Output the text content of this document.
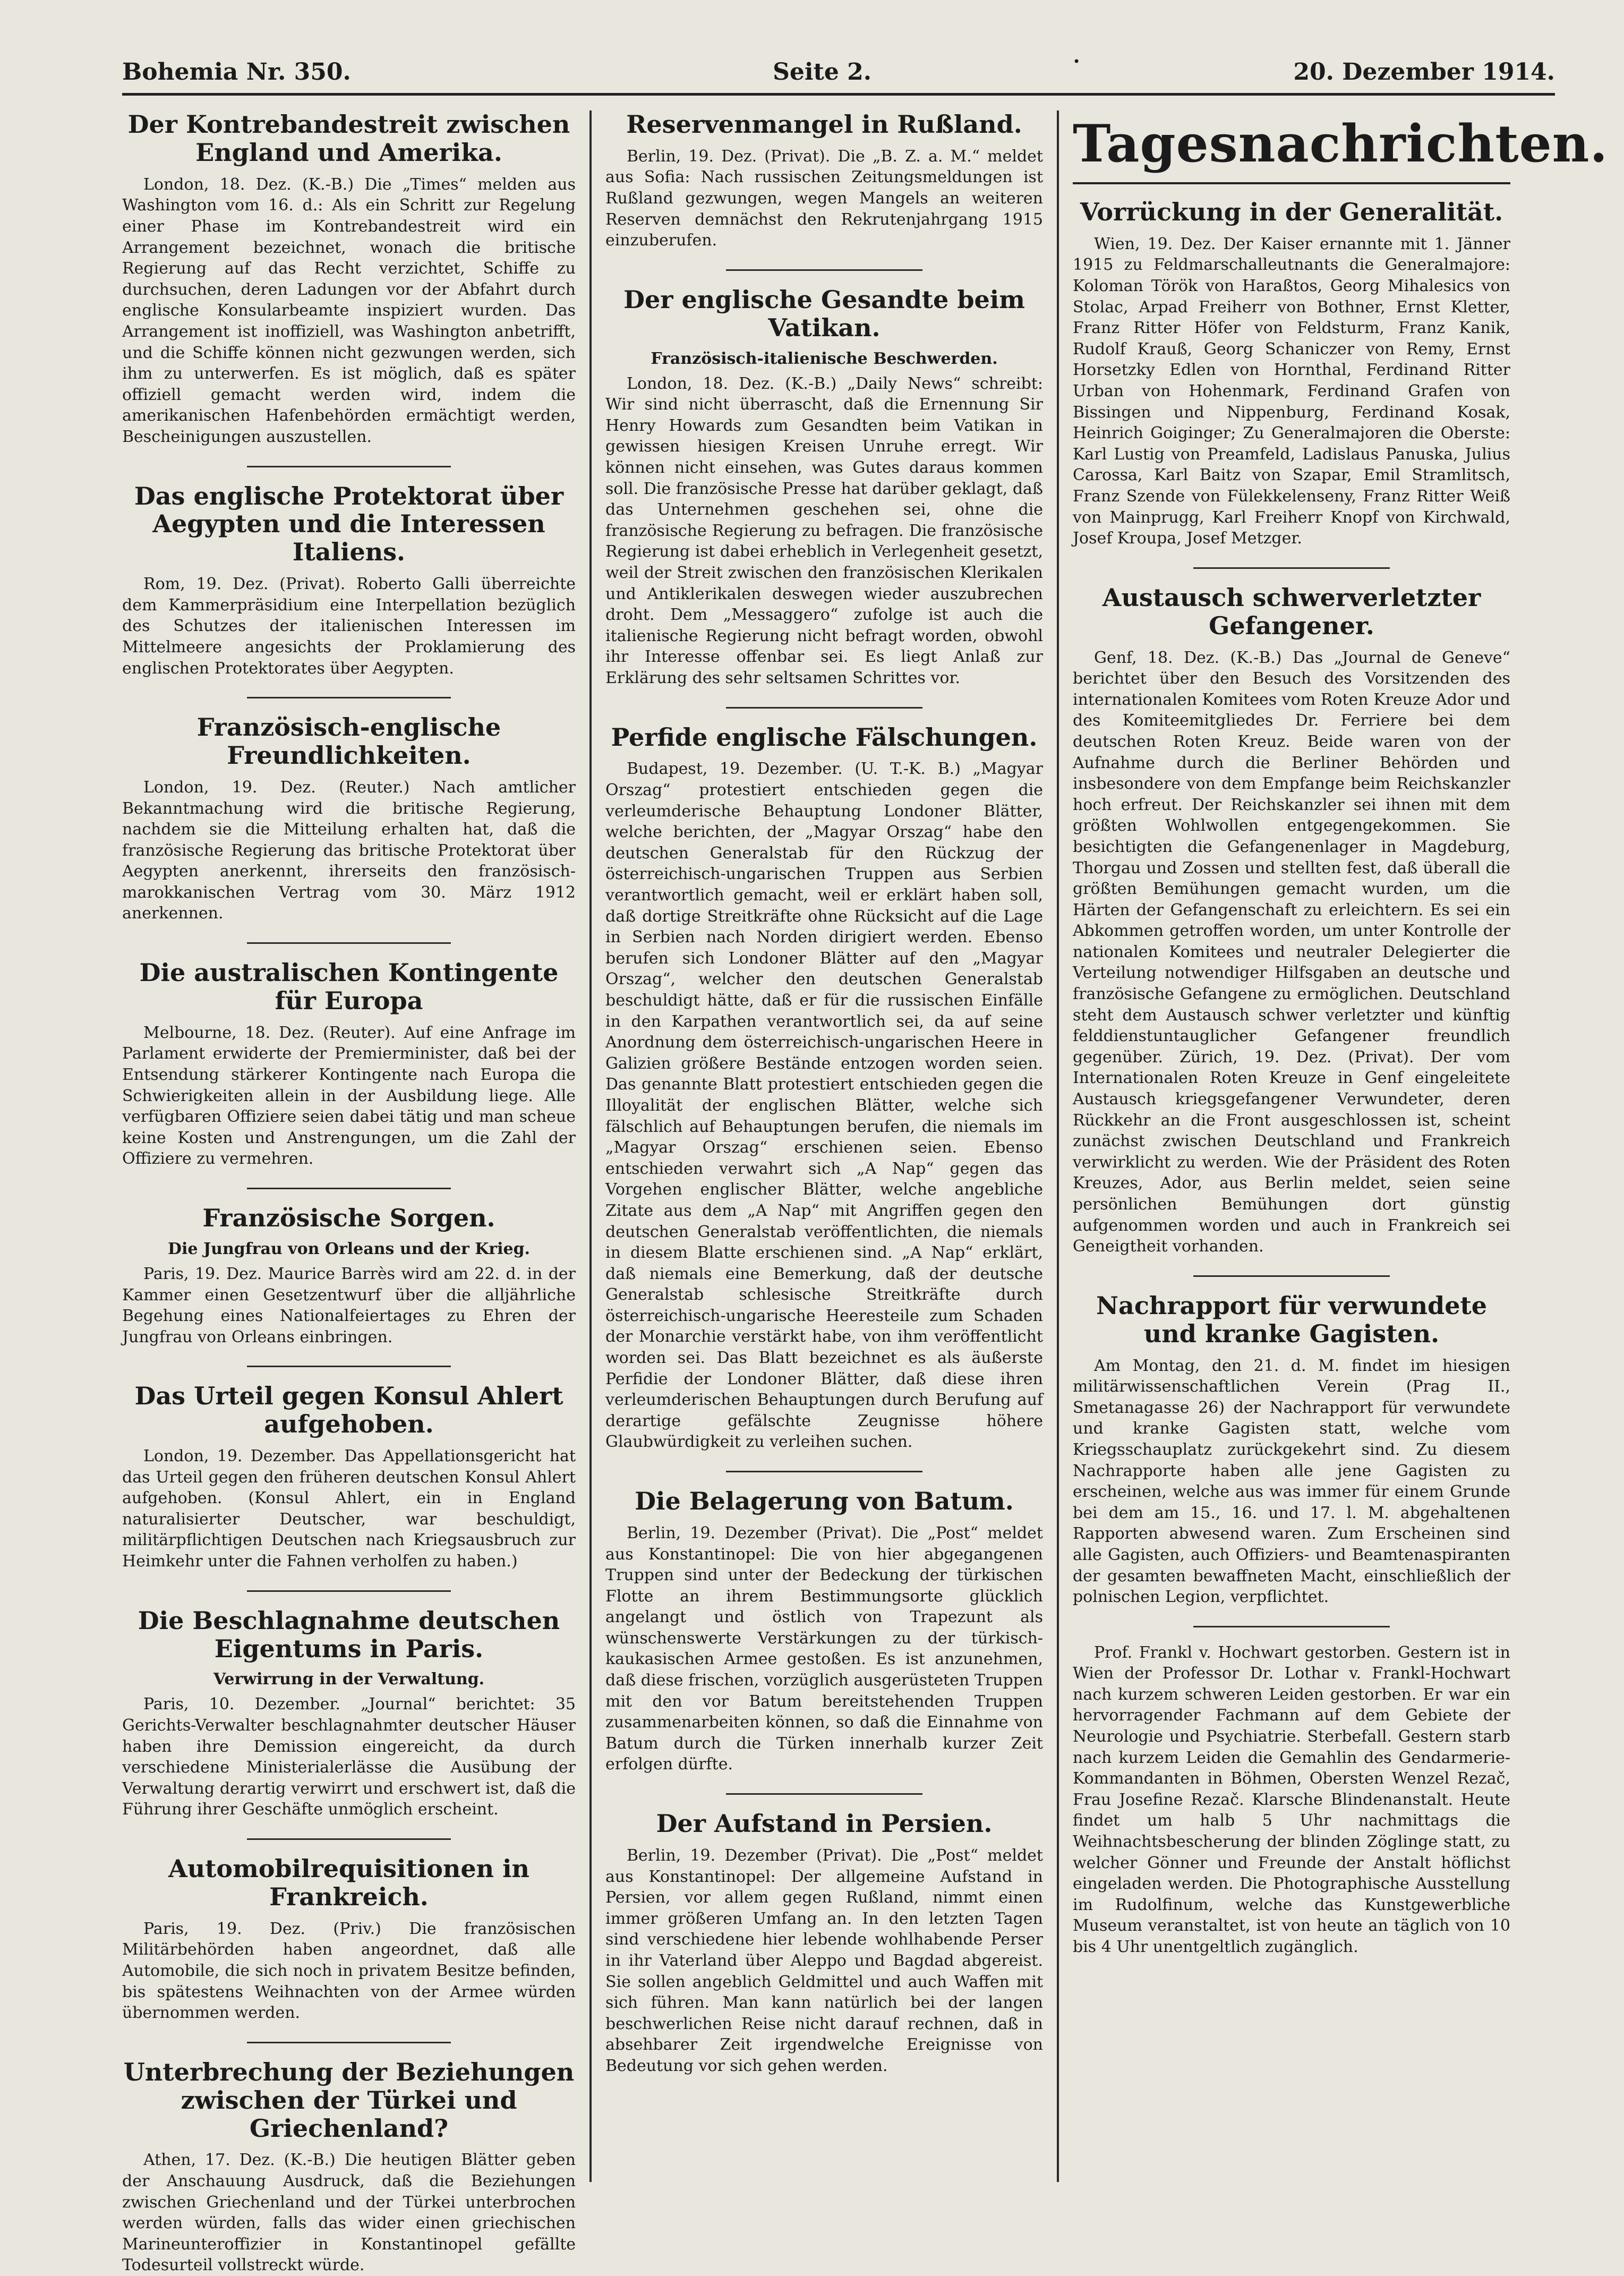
•
Bohemia Nr. 350.	Seite 2.	20. Dezember 1914.
Der Kontrebandestreit zwischen England und Amerika.

London, 18. Dez. (K.-B.) Die „Times“ melden aus Washington vom 16. d.: Als ein Schritt zur Regelung einer Phase im Kontrebandestreit wird ein Arrangement bezeichnet, wonach die britische Regierung auf das Recht verzichtet, Schiffe zu durchsuchen, deren Ladungen vor der Abfahrt durch englische Konsularbeamte inspiziert wurden. Das Arrangement ist inoffiziell, was Washington anbetrifft, und die Schiffe können nicht gezwungen werden, sich ihm zu unterwerfen. Es ist möglich, daß es später offiziell gemacht werden wird, indem die amerikanischen Hafenbehörden ermächtigt werden, Bescheinigungen auszustellen.

Das englische Protektorat über Aegypten und die Interessen Italiens.

Rom, 19. Dez. (Privat). Roberto Galli überreichte dem Kammerpräsidium eine Interpellation bezüglich des Schutzes der italienischen Interessen im Mittelmeere angesichts der Proklamierung des englischen Protektorates über Aegypten.

Französisch-englische Freundlichkeiten.

London, 19. Dez. (Reuter.) Nach amtlicher Bekanntmachung wird die britische Regierung, nachdem sie die Mitteilung erhalten hat, daß die französische Regierung das britische Protektorat über Aegypten anerkennt, ihrerseits den französisch-marokkanischen Vertrag vom 30. März 1912 anerkennen.

Die australischen Kontingente für Europa

Melbourne, 18. Dez. (Reuter). Auf eine Anfrage im Parlament erwiderte der Premierminister, daß bei der Entsendung stärkerer Kontingente nach Europa die Schwierigkeiten allein in der Ausbildung liege. Alle verfügbaren Offiziere seien dabei tätig und man scheue keine Kosten und Anstrengungen, um die Zahl der Offiziere zu vermehren.

Französische Sorgen.
Die Jungfrau von Orleans und der Krieg.

Paris, 19. Dez. Maurice Barrès wird am 22. d. in der Kammer einen Gesetzentwurf über die alljährliche Begehung eines Nationalfeiertages zu Ehren der Jungfrau von Orleans einbringen.

Das Urteil gegen Konsul Ahlert aufgehoben.

London, 19. Dezember. Das Appellationsgericht hat das Urteil gegen den früheren deutschen Konsul Ahlert aufgehoben. (Konsul Ahlert, ein in England naturalisierter Deutscher, war beschuldigt, militärpflichtigen Deutschen nach Kriegsausbruch zur Heimkehr unter die Fahnen verholfen zu haben.)

Die Beschlagnahme deutschen Eigentums in Paris.
Verwirrung in der Verwaltung.

Paris, 10. Dezember. „Journal“ berichtet: 35 Gerichts-Verwalter beschlagnahmter deutscher Häuser haben ihre Demission eingereicht, da durch verschiedene Ministerialerlässe die Ausübung der Verwaltung derartig verwirrt und erschwert ist, daß die Führung ihrer Geschäfte unmöglich erscheint.

Automobilrequisitionen in Frankreich.

Paris, 19. Dez. (Priv.) Die französischen Militärbehörden haben angeordnet, daß alle Automobile, die sich noch in privatem Besitze befinden, bis spätestens Weihnachten von der Armee würden übernommen werden.

Unterbrechung der Beziehungen zwischen der Türkei und Griechenland?

Athen, 17. Dez. (K.-B.) Die heutigen Blätter geben der Anschauung Ausdruck, daß die Beziehungen zwischen Griechenland und der Türkei unterbrochen werden würden, falls das wider einen griechischen Marineunteroffizier in Konstantinopel gefällte Todesurteil vollstreckt würde.

Reservenmangel in Rußland.

Berlin, 19. Dez. (Privat). Die „B. Z. a. M.“ meldet aus Sofia: Nach russischen Zeitungsmeldungen ist Rußland gezwungen, wegen Mangels an weiteren Reserven demnächst den Rekrutenjahrgang 1915 einzuberufen.

Der englische Gesandte beim Vatikan.
Französisch-italienische Beschwerden.

London, 18. Dez. (K.-B.) „Daily News“ schreibt: Wir sind nicht überrascht, daß die Ernennung Sir Henry Howards zum Gesandten beim Vatikan in gewissen hiesigen Kreisen Unruhe erregt. Wir können nicht einsehen, was Gutes daraus kommen soll. Die französische Presse hat darüber geklagt, daß das Unternehmen geschehen sei, ohne die französische Regierung zu befragen. Die französische Regierung ist dabei erheblich in Verlegenheit gesetzt, weil der Streit zwischen den französischen Klerikalen und Antiklerikalen deswegen wieder auszubrechen droht. Dem „Messaggero“ zufolge ist auch die italienische Regierung nicht befragt worden, obwohl ihr Interesse offenbar sei. Es liegt Anlaß zur Erklärung des sehr seltsamen Schrittes vor.

Perfide englische Fälschungen.

Budapest, 19. Dezember. (U. T.-K. B.) „Magyar Orszag“ protestiert entschieden gegen die verleumderische Behauptung Londoner Blätter, welche berichten, der „Magyar Orszag“ habe den deutschen Generalstab für den Rückzug der österreichisch-ungarischen Truppen aus Serbien verantwortlich gemacht, weil er erklärt haben soll, daß dortige Streitkräfte ohne Rücksicht auf die Lage in Serbien nach Norden dirigiert werden. Ebenso berufen sich Londoner Blätter auf den „Magyar Orszag“, welcher den deutschen Generalstab beschuldigt hätte, daß er für die russischen Einfälle in den Karpathen verantwortlich sei, da auf seine Anordnung dem österreichisch-ungarischen Heere in Galizien größere Bestände entzogen worden seien. Das genannte Blatt protestiert entschieden gegen die Illoyalität der englischen Blätter, welche sich fälschlich auf Behauptungen berufen, die niemals im „Magyar Orszag“ erschienen seien. Ebenso entschieden verwahrt sich „A Nap“ gegen das Vorgehen englischer Blätter, welche angebliche Zitate aus dem „A Nap“ mit Angriffen gegen den deutschen Generalstab veröffentlichten, die niemals in diesem Blatte erschienen sind. „A Nap“ erklärt, daß niemals eine Bemerkung, daß der deutsche Generalstab schlesische Streitkräfte durch österreichisch-ungarische Heeresteile zum Schaden der Monarchie verstärkt habe, von ihm veröffentlicht worden sei. Das Blatt bezeichnet es als äußerste Perfidie der Londoner Blätter, daß diese ihren verleumderischen Behauptungen durch Berufung auf derartige gefälschte Zeugnisse höhere Glaubwürdigkeit zu verleihen suchen.

Die Belagerung von Batum.

Berlin, 19. Dezember (Privat). Die „Post“ meldet aus Konstantinopel: Die von hier abgegangenen Truppen sind unter der Bedeckung der türkischen Flotte an ihrem Bestimmungsorte glücklich angelangt und östlich von Trapezunt als wünschenswerte Verstärkungen zu der türkisch-kaukasischen Armee gestoßen. Es ist anzunehmen, daß diese frischen, vorzüglich ausgerüsteten Truppen mit den vor Batum bereitstehenden Truppen zusammenarbeiten können, so daß die Einnahme von Batum durch die Türken innerhalb kurzer Zeit erfolgen dürfte.

Der Aufstand in Persien.

Berlin, 19. Dezember (Privat). Die „Post“ meldet aus Konstantinopel: Der allgemeine Aufstand in Persien, vor allem gegen Rußland, nimmt einen immer größeren Umfang an. In den letzten Tagen sind verschiedene hier lebende wohlhabende Perser in ihr Vaterland über Aleppo und Bagdad abgereist. Sie sollen angeblich Geldmittel und auch Waffen mit sich führen. Man kann natürlich bei der langen beschwerlichen Reise nicht darauf rechnen, daß in absehbarer Zeit irgendwelche Ereignisse von Bedeutung vor sich gehen werden.

Tagesnachrichten.
Vorrückung in der Generalität.

Wien, 19. Dez. Der Kaiser ernannte mit 1. Jänner 1915 zu Feldmarschalleutnants die Generalmajore: Koloman Török von Haraßtos, Georg Mihalesics von Stolac, Arpad Freiherr von Bothner, Ernst Kletter, Franz Ritter Höfer von Feldsturm, Franz Kanik, Rudolf Krauß, Georg Schaniczer von Remy, Ernst Horsetzky Edlen von Hornthal, Ferdinand Ritter Urban von Hohenmark, Ferdinand Grafen von Bissingen und Nippenburg, Ferdinand Kosak, Heinrich Goiginger; Zu Generalmajoren die Oberste: Karl Lustig von Preamfeld, Ladislaus Panuska, Julius Carossa, Karl Baitz von Szapar, Emil Stramlitsch, Franz Szende von Fülekkelenseny, Franz Ritter Weiß von Mainprugg, Karl Freiherr Knopf von Kirchwald, Josef Kroupa, Josef Metzger.

Austausch schwerverletzter Gefangener.

Genf, 18. Dez. (K.-B.) Das „Journal de Geneve“ berichtet über den Besuch des Vorsitzenden des internationalen Komitees vom Roten Kreuze Ador und des Komiteemitgliedes Dr. Ferriere bei dem deutschen Roten Kreuz. Beide waren von der Aufnahme durch die Berliner Behörden und insbesondere von dem Empfange beim Reichskanzler hoch erfreut. Der Reichskanzler sei ihnen mit dem größten Wohlwollen entgegengekommen. Sie besichtigten die Gefangenenlager in Magdeburg, Thorgau und Zossen und stellten fest, daß überall die größten Bemühungen gemacht wurden, um die Härten der Gefangenschaft zu erleichtern. Es sei ein Abkommen getroffen worden, um unter Kontrolle der nationalen Komitees und neutraler Delegierter die Verteilung notwendiger Hilfsgaben an deutsche und französische Gefangene zu ermöglichen. Deutschland steht dem Austausch schwer verletzter und künftig felddienstuntauglicher Gefangener freundlich gegenüber. Zürich, 19. Dez. (Privat). Der vom Internationalen Roten Kreuze in Genf eingeleitete Austausch kriegsgefangener Verwundeter, deren Rückkehr an die Front ausgeschlossen ist, scheint zunächst zwischen Deutschland und Frankreich verwirklicht zu werden. Wie der Präsident des Roten Kreuzes, Ador, aus Berlin meldet, seien seine persönlichen Bemühungen dort günstig aufgenommen worden und auch in Frankreich sei Geneigtheit vorhanden.

Nachrapport für verwundete und kranke Gagisten.

Am Montag, den 21. d. M. findet im hiesigen militärwissenschaftlichen Verein (Prag II., Smetanagasse 26) der Nachrapport für verwundete und kranke Gagisten statt, welche vom Kriegsschauplatz zurückgekehrt sind. Zu diesem Nachrapporte haben alle jene Gagisten zu erscheinen, welche aus was immer für einem Grunde bei dem am 15., 16. und 17. l. M. abgehaltenen Rapporten abwesend waren. Zum Erscheinen sind alle Gagisten, auch Offiziers- und Beamtenaspiranten der gesamten bewaffneten Macht, einschließlich der polnischen Legion, verpflichtet.

Prof. Frankl v. Hochwart gestorben. Gestern ist in Wien der Professor Dr. Lothar v. Frankl-Hochwart nach kurzem schweren Leiden gestorben. Er war ein hervorragender Fachmann auf dem Gebiete der Neurologie und Psychiatrie. Sterbefall. Gestern starb nach kurzem Leiden die Gemahlin des Gendarmerie-Kommandanten in Böhmen, Obersten Wenzel Rezač, Frau Josefine Rezač. Klarsche Blindenanstalt. Heute findet um halb 5 Uhr nachmittags die Weihnachtsbescherung der blinden Zöglinge statt, zu welcher Gönner und Freunde der Anstalt höflichst eingeladen werden. Die Photographische Ausstellung im Rudolfinum, welche das Kunstgewerbliche Museum veranstaltet, ist von heute an täglich von 10 bis 4 Uhr unentgeltlich zugänglich.
